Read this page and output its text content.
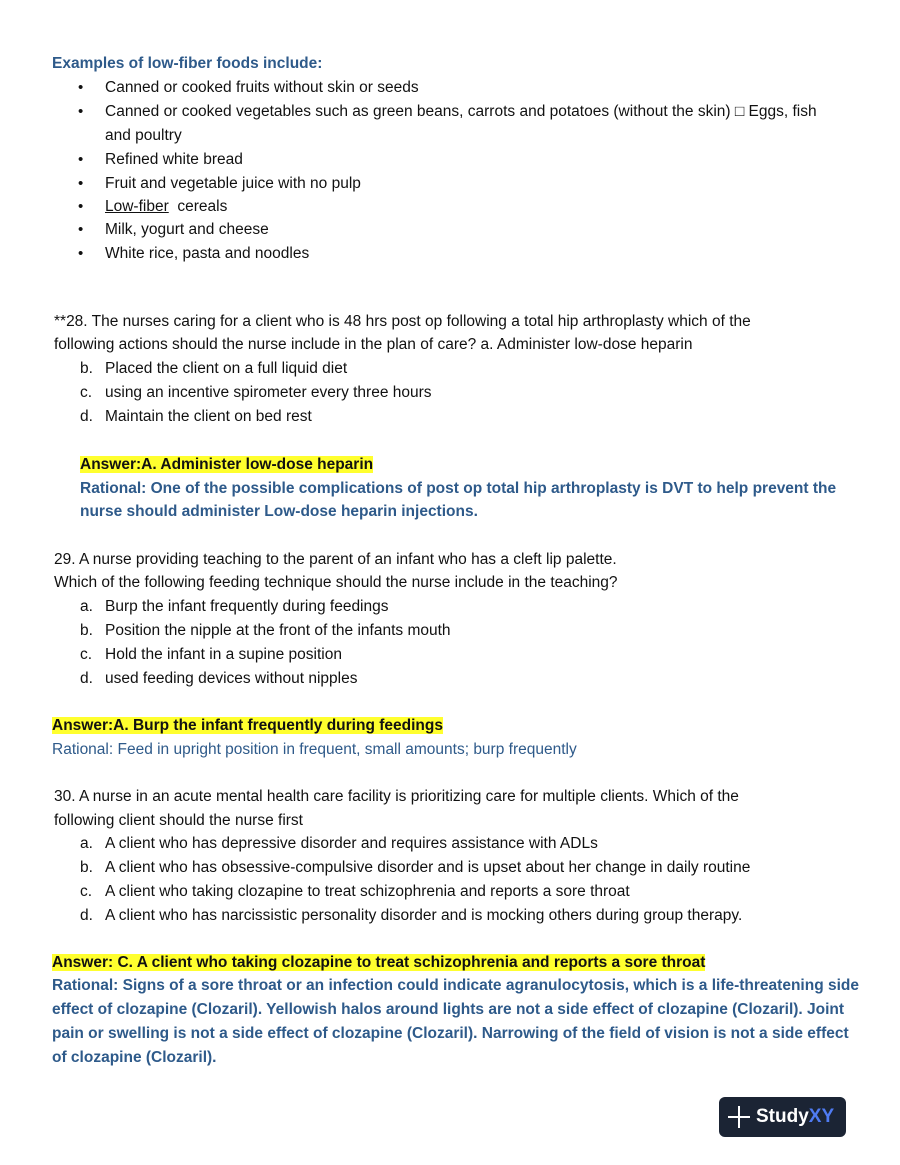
Examples of low-fiber foods include:
• Canned or cooked fruits without skin or seeds
• Canned or cooked vegetables such as green beans, carrots and potatoes (without the skin) □ Eggs, fish
and poultry
• Refined white bread
• Fruit and vegetable juice with no pulp
• Low-fiber cereals
• Milk, yogurt and cheese
• White rice, pasta and noodles
**28. The nurses caring for a client who is 48 hrs post op following a total hip arthroplasty which of the
following actions should the nurse include in the plan of care? a. Administer low-dose heparin
b. Placed the client on a full liquid diet
c. using an incentive spirometer every three hours
d. Maintain the client on bed rest
Answer:A. Administer low-dose heparin
Rational: One of the possible complications of post op total hip arthroplasty is DVT to help prevent the
nurse should administer Low-dose heparin injections.
29. A nurse providing teaching to the parent of an infant who has a cleft lip palette.
Which of the following feeding technique should the nurse include in the teaching?
a. Burp the infant frequently during feedings
b. Position the nipple at the front of the infants mouth
c. Hold the infant in a supine position
d. used feeding devices without nipples
Answer:A. Burp the infant frequently during feedings
Rational: Feed in upright position in frequent, small amounts; burp frequently
30. A nurse in an acute mental health care facility is prioritizing care for multiple clients. Which of the
following client should the nurse first
a. A client who has depressive disorder and requires assistance with ADLs
b. A client who has obsessive-compulsive disorder and is upset about her change in daily routine
c. A client who taking clozapine to treat schizophrenia and reports a sore throat
d. A client who has narcissistic personality disorder and is mocking others during group therapy.
Answer: C. A client who taking clozapine to treat schizophrenia and reports a sore throat
Rational: Signs of a sore throat or an infection could indicate agranulocytosis, which is a life-threatening side
effect of clozapine (Clozaril). Yellowish halos around lights are not a side effect of clozapine (Clozaril). Joint
pain or swelling is not a side effect of clozapine (Clozaril). Narrowing of the field of vision is not a side effect
of clozapine (Clozaril).
Study XY
